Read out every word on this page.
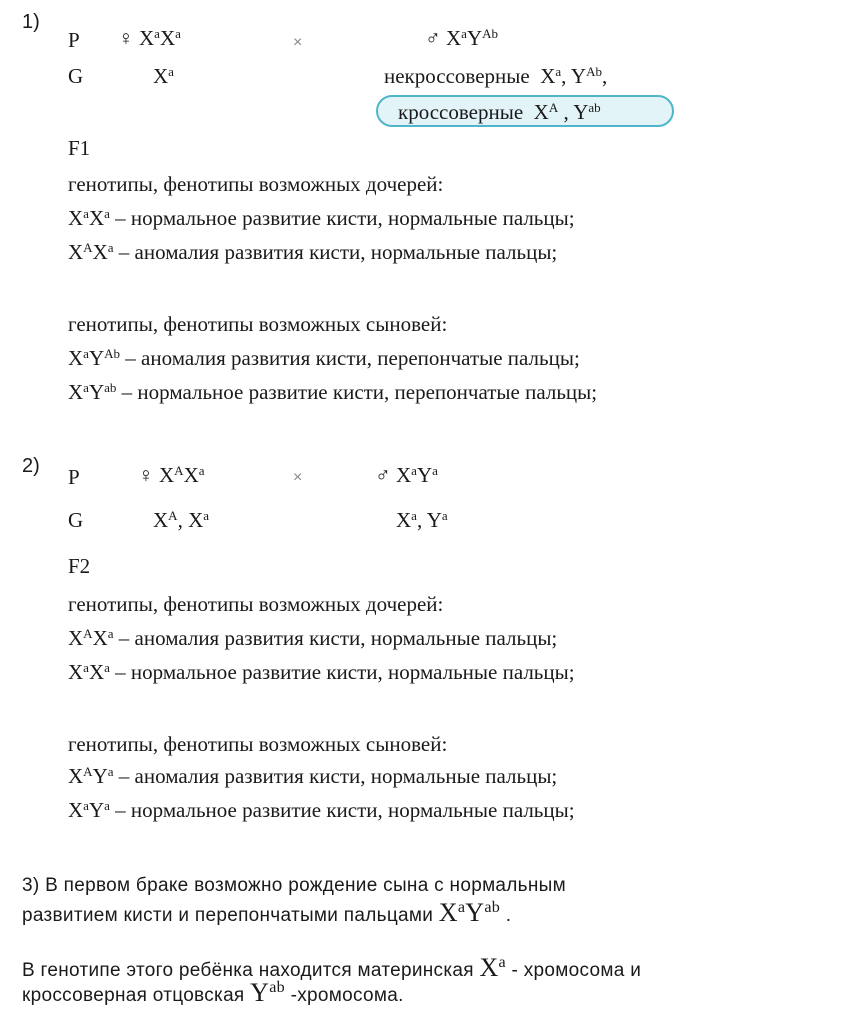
1)
P ♀ $X^aX^a$
×	♂ $X^aY^{Ab}$
G	$X^a$	некроссоверные $X^a$, $Y^{Ab}$,
кроссоверные $X^A$ , $Y^{ab}$
F1
генотипы, фенотипы возможных дочерей:
$X^aX^a$ – нормальное развитие кисти, нормальные пальцы;
$X^AX^a$ – аномалия развития кисти, нормальные пальцы;
генотипы, фенотипы возможных сыновей:
$X^aY^{Ab}$ – аномалия развития кисти, перепончатые пальцы;
$X^aY^{ab}$ – нормальное развитие кисти, перепончатые пальцы;
2) P	♀ $X^AX^a$	×	♂ $X^aY^a$
G	$X^A$, $X^a$	$X^a$, $Y^a$
F2
генотипы, фенотипы возможных дочерей:
$X^AX^a$ – аномалия развития кисти, нормальные пальцы;
$X^aX^a$ – нормальное развитие кисти, нормальные пальцы;
генотипы, фенотипы возможных сыновей:
$X^AY^a$ – аномалия развития кисти, нормальные пальцы;
$X^aY^a$ – нормальное развитие кисти, нормальные пальцы;
3) В первом браке возможно рождение сына с нормальным
развитием кисти и перепончатыми пальцами $X^aY^{ab}$ .
В генотипе этого ребёнка находится материнская $X^a$ - хромосома и
кроссоверная отцовская $Y^{ab}$ -хромосома.
